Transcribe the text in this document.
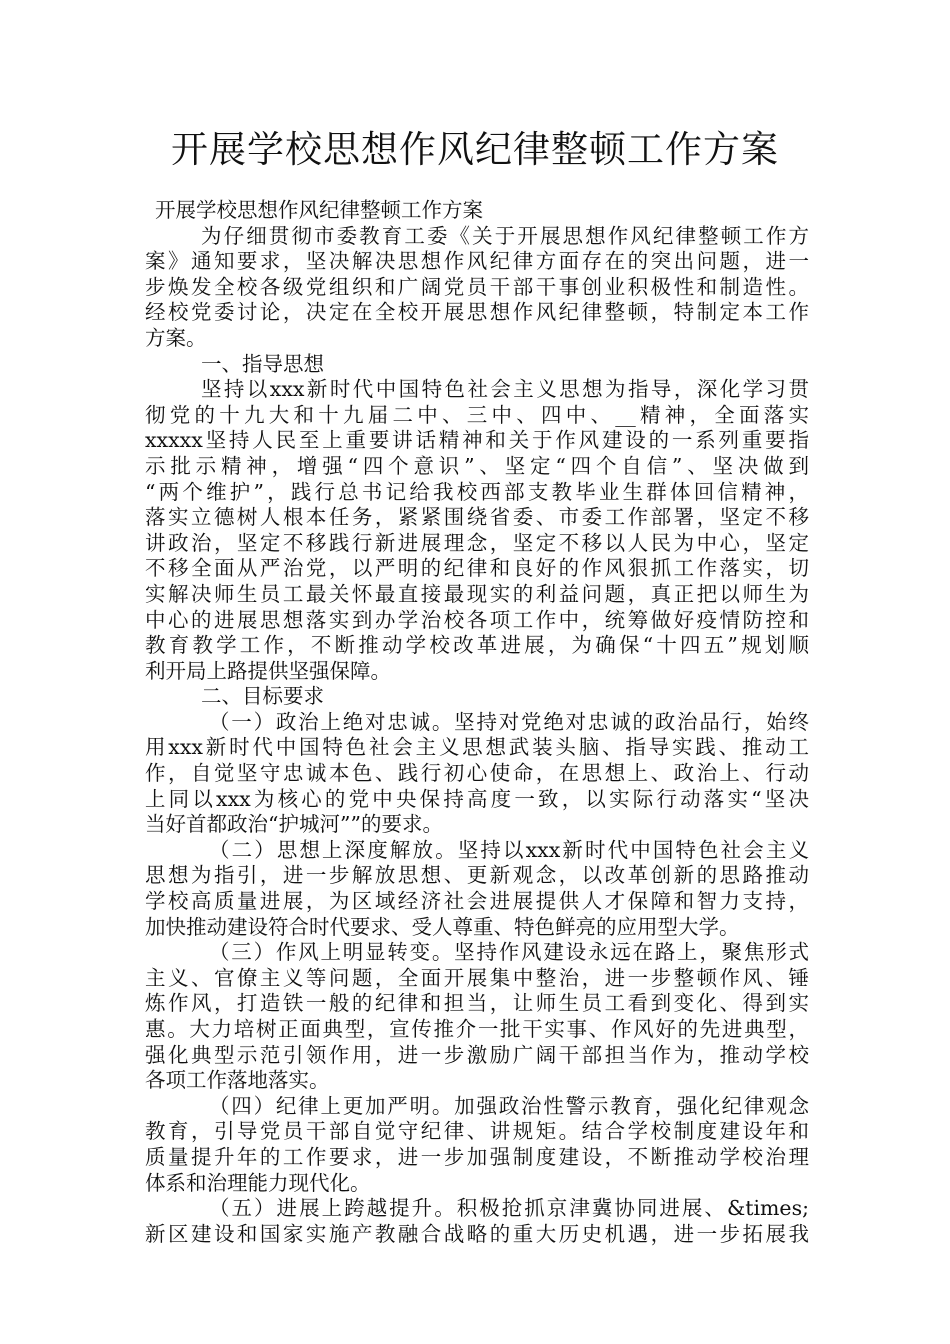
开展学校思想作风纪律整顿工作方案
开展学校思想作风纪律整顿工作方案
为仔细贯彻市委教育工委《关于开展思想作风纪律整顿工作方
案》通知要求，坚决解决思想作风纪律方面存在的突出问题，进一
步焕发全校各级党组织和广阔党员干部干事创业积极性和制造性。
经校党委讨论，决定在全校开展思想作风纪律整顿，特制定本工作
方案。
一、指导思想
坚持以xxx新时代中国特色社会主义思想为指导，深化学习贯
彻党的十九大和十九届二中、三中、四中、__精神，全面落实
xxxxx坚持人民至上重要讲话精神和关于作风建设的一系列重要指
示批示精神，增强“四个意识”、坚定“四个自信”、坚决做到
“两个维护”，践行总书记给我校西部支教毕业生群体回信精神，
落实立德树人根本任务，紧紧围绕省委、市委工作部署，坚定不移
讲政治，坚定不移践行新进展理念，坚定不移以人民为中心，坚定
不移全面从严治党，以严明的纪律和良好的作风狠抓工作落实，切
实解决师生员工最关怀最直接最现实的利益问题，真正把以师生为
中心的进展思想落实到办学治校各项工作中，统筹做好疫情防控和
教育教学工作，不断推动学校改革进展，为确保“十四五”规划顺
利开局上路提供坚强保障。
二、目标要求
（一）政治上绝对忠诚。坚持对党绝对忠诚的政治品行，始终
用xxx新时代中国特色社会主义思想武装头脑、指导实践、推动工
作，自觉坚守忠诚本色、践行初心使命，在思想上、政治上、行动
上同以xxx为核心的党中央保持高度一致，以实际行动落实“坚决
当好首都政治“护城河””的要求。
（二）思想上深度解放。坚持以xxx新时代中国特色社会主义
思想为指引，进一步解放思想、更新观念，以改革创新的思路推动
学校高质量进展，为区域经济社会进展提供人才保障和智力支持，
加快推动建设符合时代要求、受人尊重、特色鲜亮的应用型大学。
（三）作风上明显转变。坚持作风建设永远在路上，聚焦形式
主义、官僚主义等问题，全面开展集中整治，进一步整顿作风、锤
炼作风，打造铁一般的纪律和担当，让师生员工看到变化、得到实
惠。大力培树正面典型，宣传推介一批干实事、作风好的先进典型，
强化典型示范引领作用，进一步激励广阔干部担当作为，推动学校
各项工作落地落实。
（四）纪律上更加严明。加强政治性警示教育，强化纪律观念
教育，引导党员干部自觉守纪律、讲规矩。结合学校制度建设年和
质量提升年的工作要求，进一步加强制度建设，不断推动学校治理
体系和治理能力现代化。
（五）进展上跨越提升。积极抢抓京津冀协同进展、&times;
新区建设和国家实施产教融合战略的重大历史机遇，进一步拓展我
